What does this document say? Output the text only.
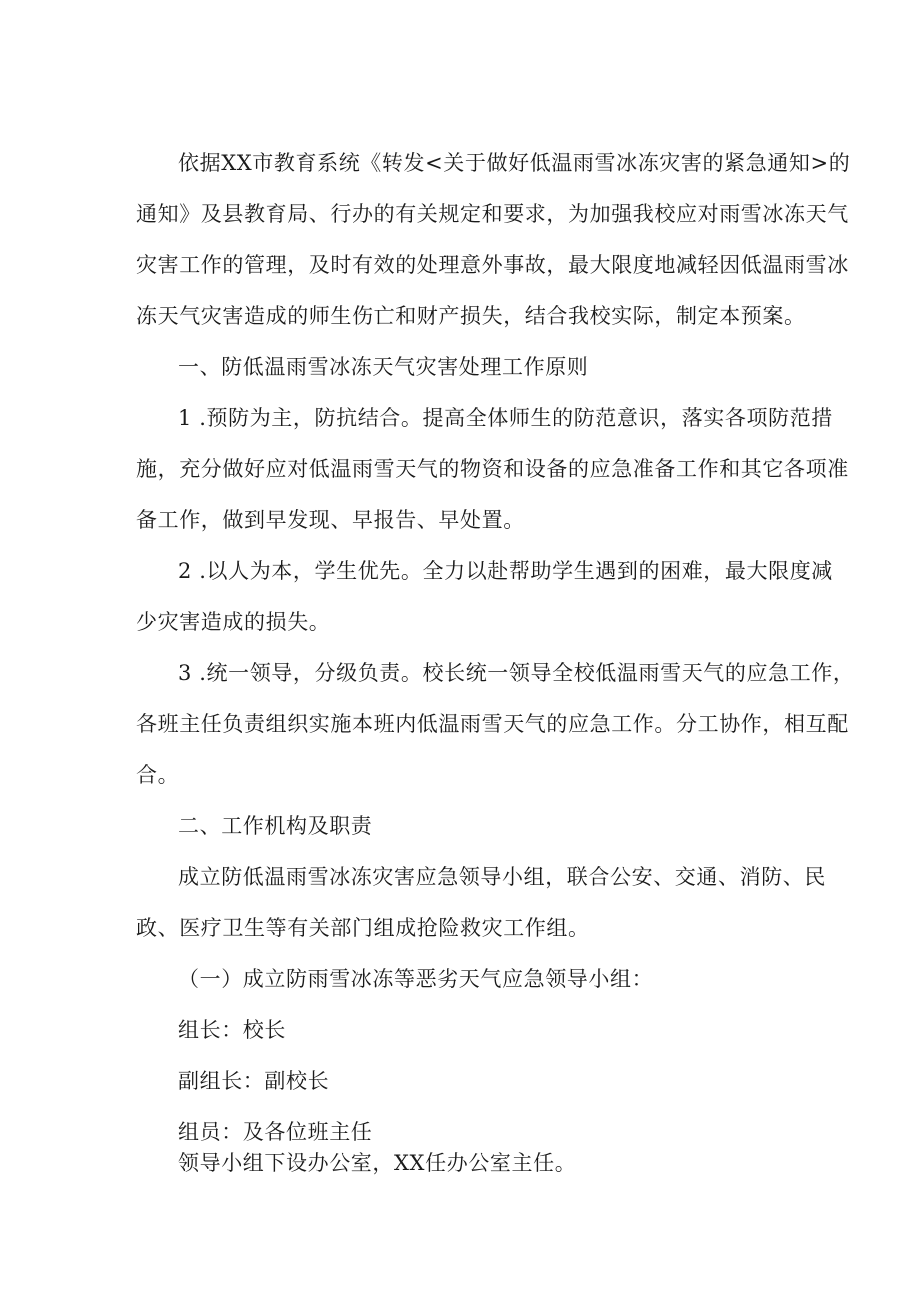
依据XX市教育系统《转发<关于做好低温雨雪冰冻灾害的紧急通知>的
通知》及县教育局、行办的有关规定和要求，为加强我校应对雨雪冰冻天气
灾害工作的管理，及时有效的处理意外事故，最大限度地减轻因低温雨雪冰
冻天气灾害造成的师生伤亡和财产损失，结合我校实际，制定本预案。
一、防低温雨雪冰冻天气灾害处理工作原则
1 .预防为主，防抗结合。提高全体师生的防范意识，落实各项防范措
施，充分做好应对低温雨雪天气的物资和设备的应急准备工作和其它各项准
备工作，做到早发现、早报告、早处置。
2 .以人为本，学生优先。全力以赴帮助学生遇到的困难，最大限度减
少灾害造成的损失。
3 .统一领导，分级负责。校长统一领导全校低温雨雪天气的应急工作，
各班主任负责组织实施本班内低温雨雪天气的应急工作。分工协作，相互配
合。
二、工作机构及职责
成立防低温雨雪冰冻灾害应急领导小组，联合公安、交通、消防、民
政、医疗卫生等有关部门组成抢险救灾工作组。
（一）成立防雨雪冰冻等恶劣天气应急领导小组：
组长：校长
副组长：副校长
组员：及各位班主任
领导小组下设办公室，XX任办公室主任。
